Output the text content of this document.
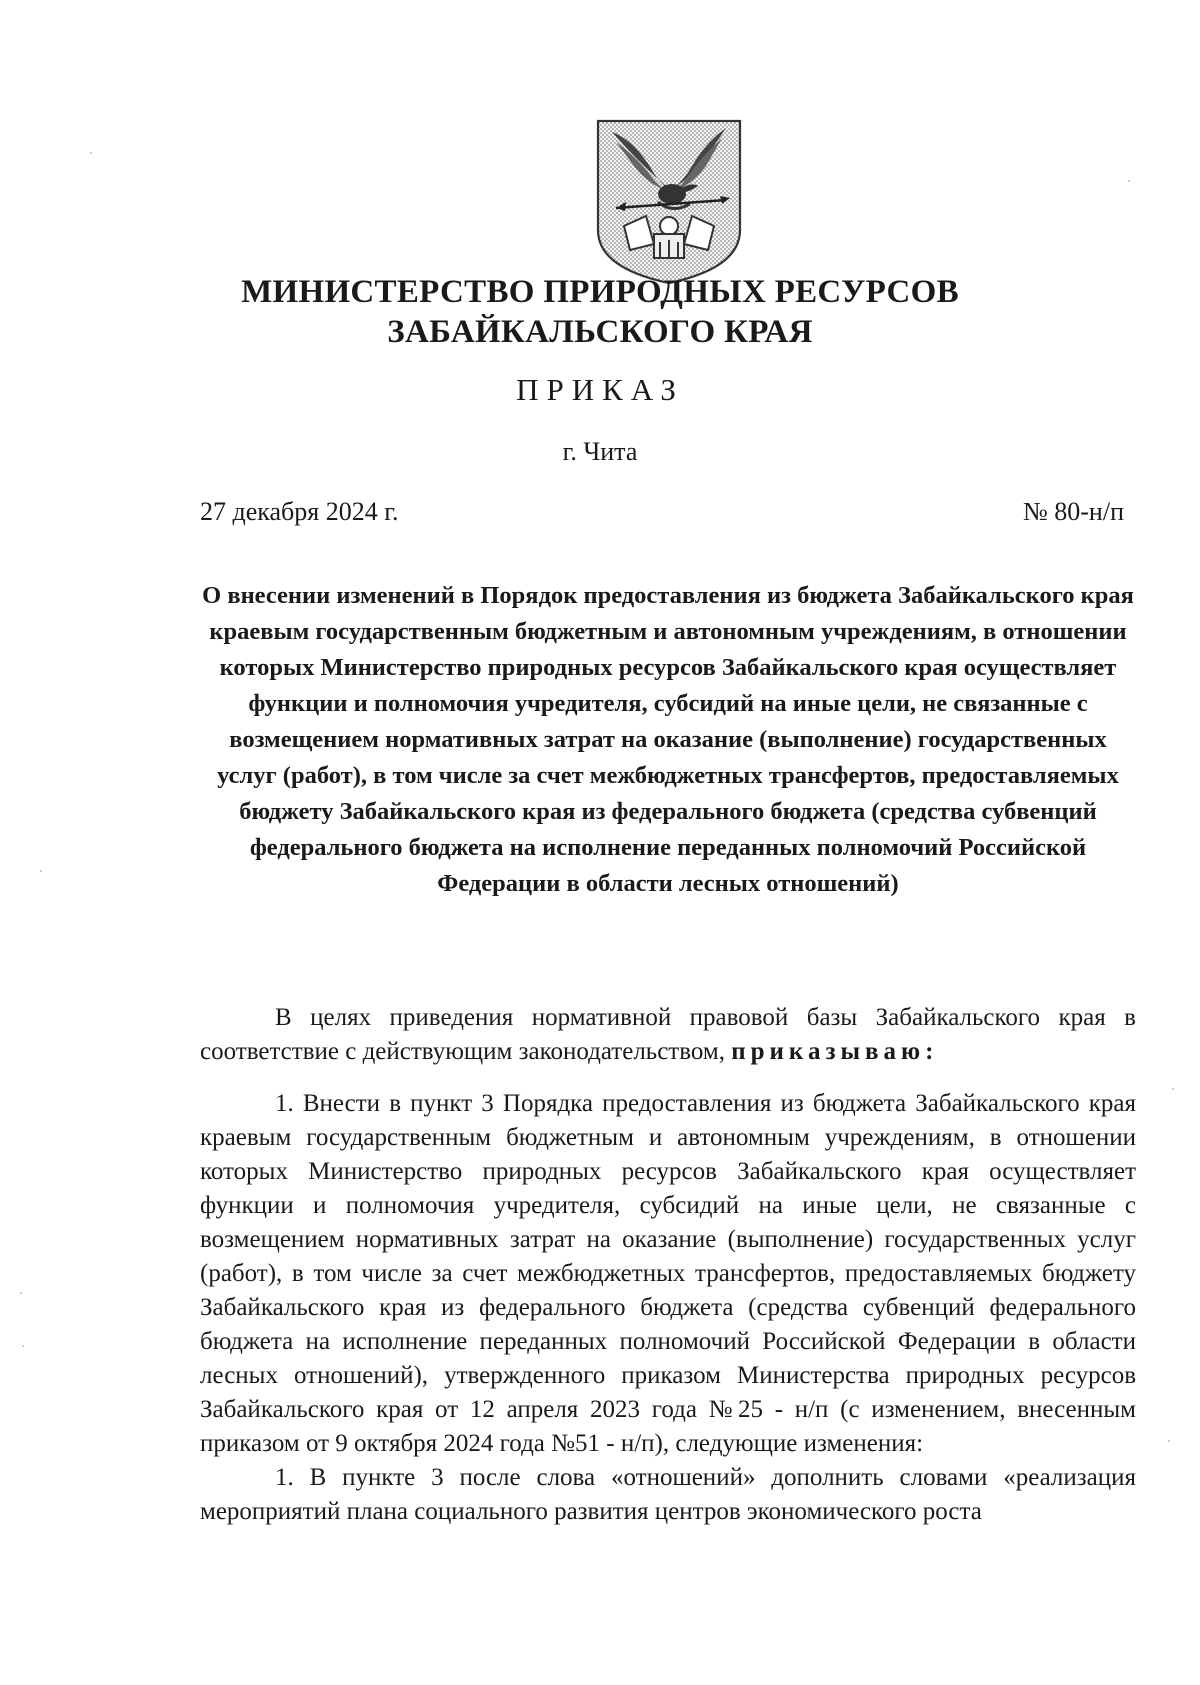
МИНИСТЕРСТВО ПРИРОДНЫХ РЕСУРСОВ
ЗАБАЙКАЛЬСКОГО КРАЯ
ПРИКАЗ
г. Чита
27 декабря 2024 г.	№ 80-н/п
О внесении изменений в Порядок предоставления из бюджета Забайкальского края краевым государственным бюджетным и автономным учреждениям, в отношении которых Министерство природных ресурсов Забайкальского края осуществляет функции и полномочия учредителя, субсидий на иные цели, не связанные с возмещением нормативных затрат на оказание (выполнение) государственных услуг (работ), в том числе за счет межбюджетных трансфертов, предоставляемых бюджету Забайкальского края из федерального бюджета (средства субвенций федерального бюджета на исполнение переданных полномочий Российской Федерации в области лесных отношений)

В целях приведения нормативной правовой базы Забайкальского края в соответствие с действующим законодательством, приказываю:

1. Внести в пункт 3 Порядка предоставления из бюджета Забайкальского края краевым государственным бюджетным и автономным учреждениям, в отношении которых Министерство природных ресурсов Забайкальского края осуществляет функции и полномочия учредителя, субсидий на иные цели, не связанные с возмещением нормативных затрат на оказание (выполнение) государственных услуг (работ), в том числе за счет межбюджетных трансфертов, предоставляемых бюджету Забайкальского края из федерального бюджета (средства субвенций федерального бюджета на исполнение переданных полномочий Российской Федерации в области лесных отношений), утвержденного приказом Министерства природных ресурсов Забайкальского края от 12 апреля 2023 года №25 - н/п (с изменением, внесенным приказом от 9 октября 2024 года №51 - н/п), следующие изменения:

1. В пункте 3 после слова «отношений» дополнить словами «реализация мероприятий плана социального развития центров экономического роста
